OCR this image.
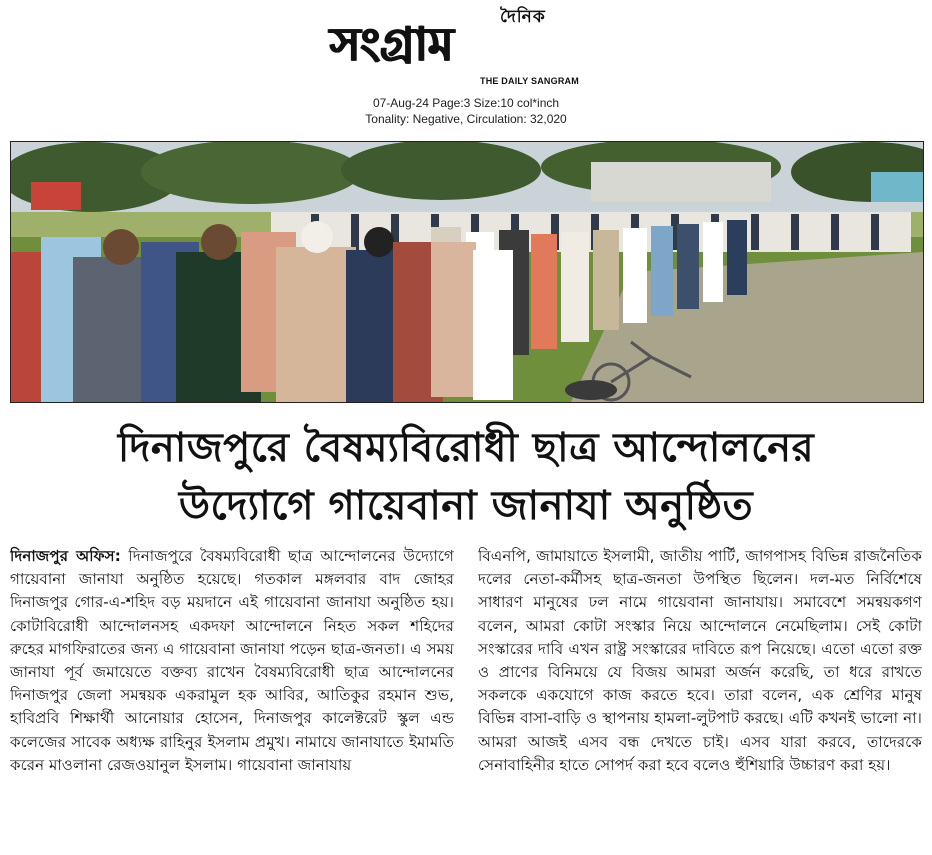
দৈনিক
সংগ্রাম
THE DAILY SANGRAM
07-Aug-24 Page:3 Size:10 col*inch
Tonality: Negative, Circulation: 32,020
দিনাজপুরে বৈষম্যবিরোধী ছাত্র আন্দোলনের
উদ্যোগে গায়েবানা জানাযা অনুষ্ঠিত

দিনাজপুর অফিস: দিনাজপুরে বৈষম্যবিরোধী ছাত্র আন্দোলনের উদ্যোগে গায়েবানা জানাযা অনুষ্ঠিত হয়েছে। গতকাল মঙ্গলবার বাদ জোহর দিনাজপুর গোর-এ-শহিদ বড় ময়দানে এই গায়েবানা জানাযা অনুষ্ঠিত হয়। কোটাবিরোধী আন্দোলনসহ একদফা আন্দোলনে নিহত সকল শহিদের রুহের মাগফিরাতের জন্য এ গায়েবানা জানাযা পড়েন ছাত্র-জনতা। এ সময় জানাযা পূর্ব জমায়েতে বক্তব্য রাখেন বৈষম্যবিরোধী ছাত্র আন্দোলনের দিনাজপুর জেলা সমন্বয়ক একরামুল হক আবির, আতিকুর রহমান শুভ, হাবিপ্রবি শিক্ষার্থী আনোয়ার হোসেন, দিনাজপুর কালেক্টরেট স্কুল এন্ড কলেজের সাবেক অধ্যক্ষ রাহিনুর ইসলাম প্রমুখ। নামাযে জানাযাতে ইমামতি করেন মাওলানা রেজওয়ানুল ইসলাম। গায়েবানা জানাযায়

বিএনপি, জামায়াতে ইসলামী, জাতীয় পার্টি, জাগপাসহ বিভিন্ন রাজনৈতিক দলের নেতা-কর্মীসহ ছাত্র-জনতা উপস্থিত ছিলেন। দল-মত নির্বিশেষে সাধারণ মানুষের ঢল নামে গায়েবানা জানাযায়। সমাবেশে সমন্বয়কগণ বলেন, আমরা কোটা সংস্কার নিয়ে আন্দোলনে নেমেছিলাম। সেই কোটা সংস্কারের দাবি এখন রাষ্ট্র সংস্কারের দাবিতে রূপ নিয়েছে। এতো এতো রক্ত ও প্রাণের বিনিময়ে যে বিজয় আমরা অর্জন করেছি, তা ধরে রাখতে সকলকে একযোগে কাজ করতে হবে। তারা বলেন, এক শ্রেণির মানুষ বিভিন্ন বাসা-বাড়ি ও স্থাপনায় হামলা-লুটপাট করছে। এটি কখনই ভালো না। আমরা আজই এসব বন্ধ দেখতে চাই। এসব যারা করবে, তাদেরকে সেনাবাহিনীর হাতে সোপর্দ করা হবে বলেও হুঁশিয়ারি উচ্চারণ করা হয়।
